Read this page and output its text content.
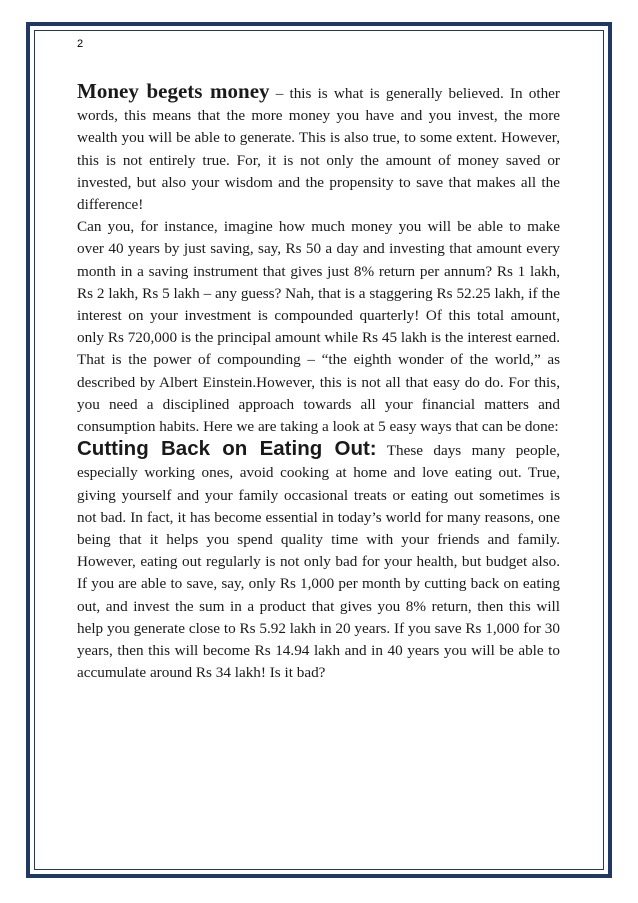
2

Money begets money – this is what is generally believed. In other words, this means that the more money you have and you invest, the more wealth you will be able to generate. This is also true, to some extent. However, this is not entirely true. For, it is not only the amount of money saved or invested, but also your wisdom and the propensity to save that makes all the difference!

Can you, for instance, imagine how much money you will be able to make over 40 years by just saving, say, Rs 50 a day and investing that amount every month in a saving instrument that gives just 8% return per annum? Rs 1 lakh, Rs 2 lakh, Rs 5 lakh – any guess? Nah, that is a staggering Rs 52.25 lakh, if the interest on your investment is compounded quarterly! Of this total amount, only Rs 720,000 is the principal amount while Rs 45 lakh is the interest earned. That is the power of compounding – “the eighth wonder of the world,” as described by Albert Einstein.However, this is not all that easy do do. For this, you need a disciplined approach towards all your financial matters and consumption habits. Here we are taking a look at 5 easy ways that can be done:

Cutting Back on Eating Out: These days many people, especially working ones, avoid cooking at home and love eating out. True, giving yourself and your family occasional treats or eating out sometimes is not bad. In fact, it has become essential in today’s world for many reasons, one being that it helps you spend quality time with your friends and family. However, eating out regularly is not only bad for your health, but budget also. If you are able to save, say, only Rs 1,000 per month by cutting back on eating out, and invest the sum in a product that gives you 8% return, then this will help you generate close to Rs 5.92 lakh in 20 years. If you save Rs 1,000 for 30 years, then this will become Rs 14.94 lakh and in 40 years you will be able to accumulate around Rs 34 lakh! Is it bad?
